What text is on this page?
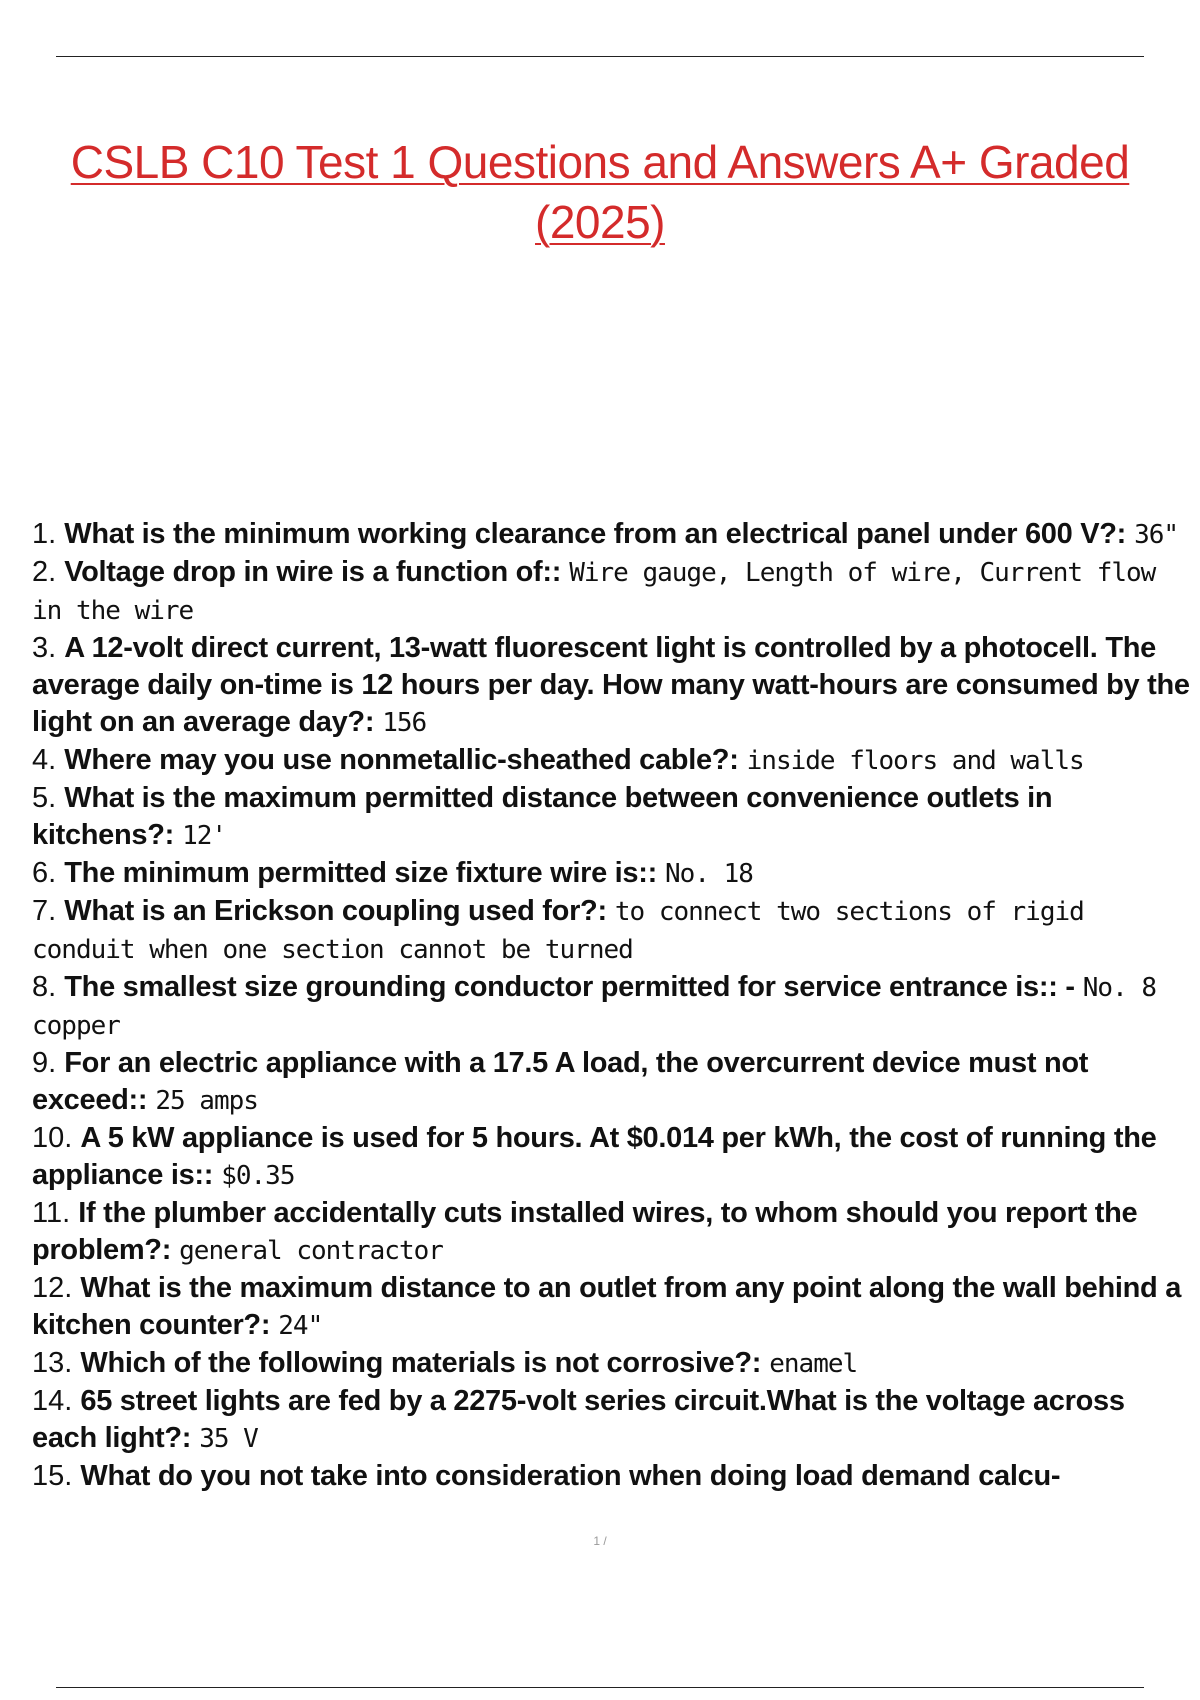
CSLB C10 Test 1 Questions and Answers A+ Graded
(2025)
1. What is the minimum working clearance from an electrical panel under 600 V?: 36"
2. Voltage drop in wire is a function of:: Wire gauge, Length of wire, Current flow in the wire
3. A 12-volt direct current, 13-watt fluorescent light is controlled by a photocell. The average daily on-time is 12 hours per day. How many watt-hours are consumed by the light on an average day?: 156
4. Where may you use nonmetallic-sheathed cable?: inside floors and walls
5. What is the maximum permitted distance between convenience outlets in kitchens?: 12'
6. The minimum permitted size fixture wire is:: No. 18
7. What is an Erickson coupling used for?: to connect two sections of rigid conduit when one section cannot be turned
8. The smallest size grounding conductor permitted for service entrance is:: - No. 8 copper
9. For an electric appliance with a 17.5 A load, the overcurrent device must not exceed:: 25 amps
10. A 5 kW appliance is used for 5 hours. At $0.014 per kWh, the cost of running the appliance is:: $0.35
11. If the plumber accidentally cuts installed wires, to whom should you report the problem?: general contractor
12. What is the maximum distance to an outlet from any point along the wall behind a kitchen counter?: 24"
13. Which of the following materials is not corrosive?: enamel
14. 65 street lights are fed by a 2275-volt series circuit.What is the voltage across each light?: 35 V
15. What do you not take into consideration when doing load demand calcu-
1 /
